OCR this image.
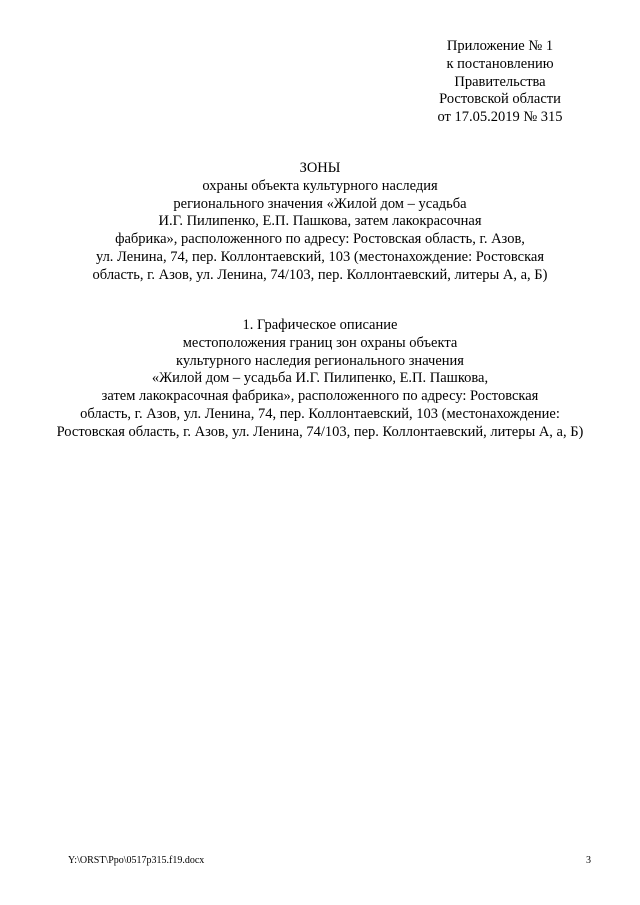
Приложение № 1
к постановлению
Правительства
Ростовской области
от 17.05.2019 № 315
ЗОНЫ
охраны объекта культурного наследия
регионального значения «Жилой дом – усадьба
И.Г. Пилипенко, Е.П. Пашкова, затем лакокрасочная
фабрика», расположенного по адресу: Ростовская область, г. Азов,
ул. Ленина, 74, пер. Коллонтаевский, 103 (местонахождение: Ростовская
область, г. Азов, ул. Ленина, 74/103, пер. Коллонтаевский, литеры А, а, Б)
1. Графическое описание
местоположения границ зон охраны объекта
культурного наследия регионального значения
«Жилой дом – усадьба И.Г. Пилипенко, Е.П. Пашкова,
затем лакокрасочная фабрика», расположенного по адресу: Ростовская
область, г. Азов, ул. Ленина, 74, пер. Коллонтаевский, 103 (местонахождение:
Ростовская область, г. Азов, ул. Ленина, 74/103, пер. Коллонтаевский, литеры А, а, Б)
Y:\ORST\Ppo\0517p315.f19.docx	3
